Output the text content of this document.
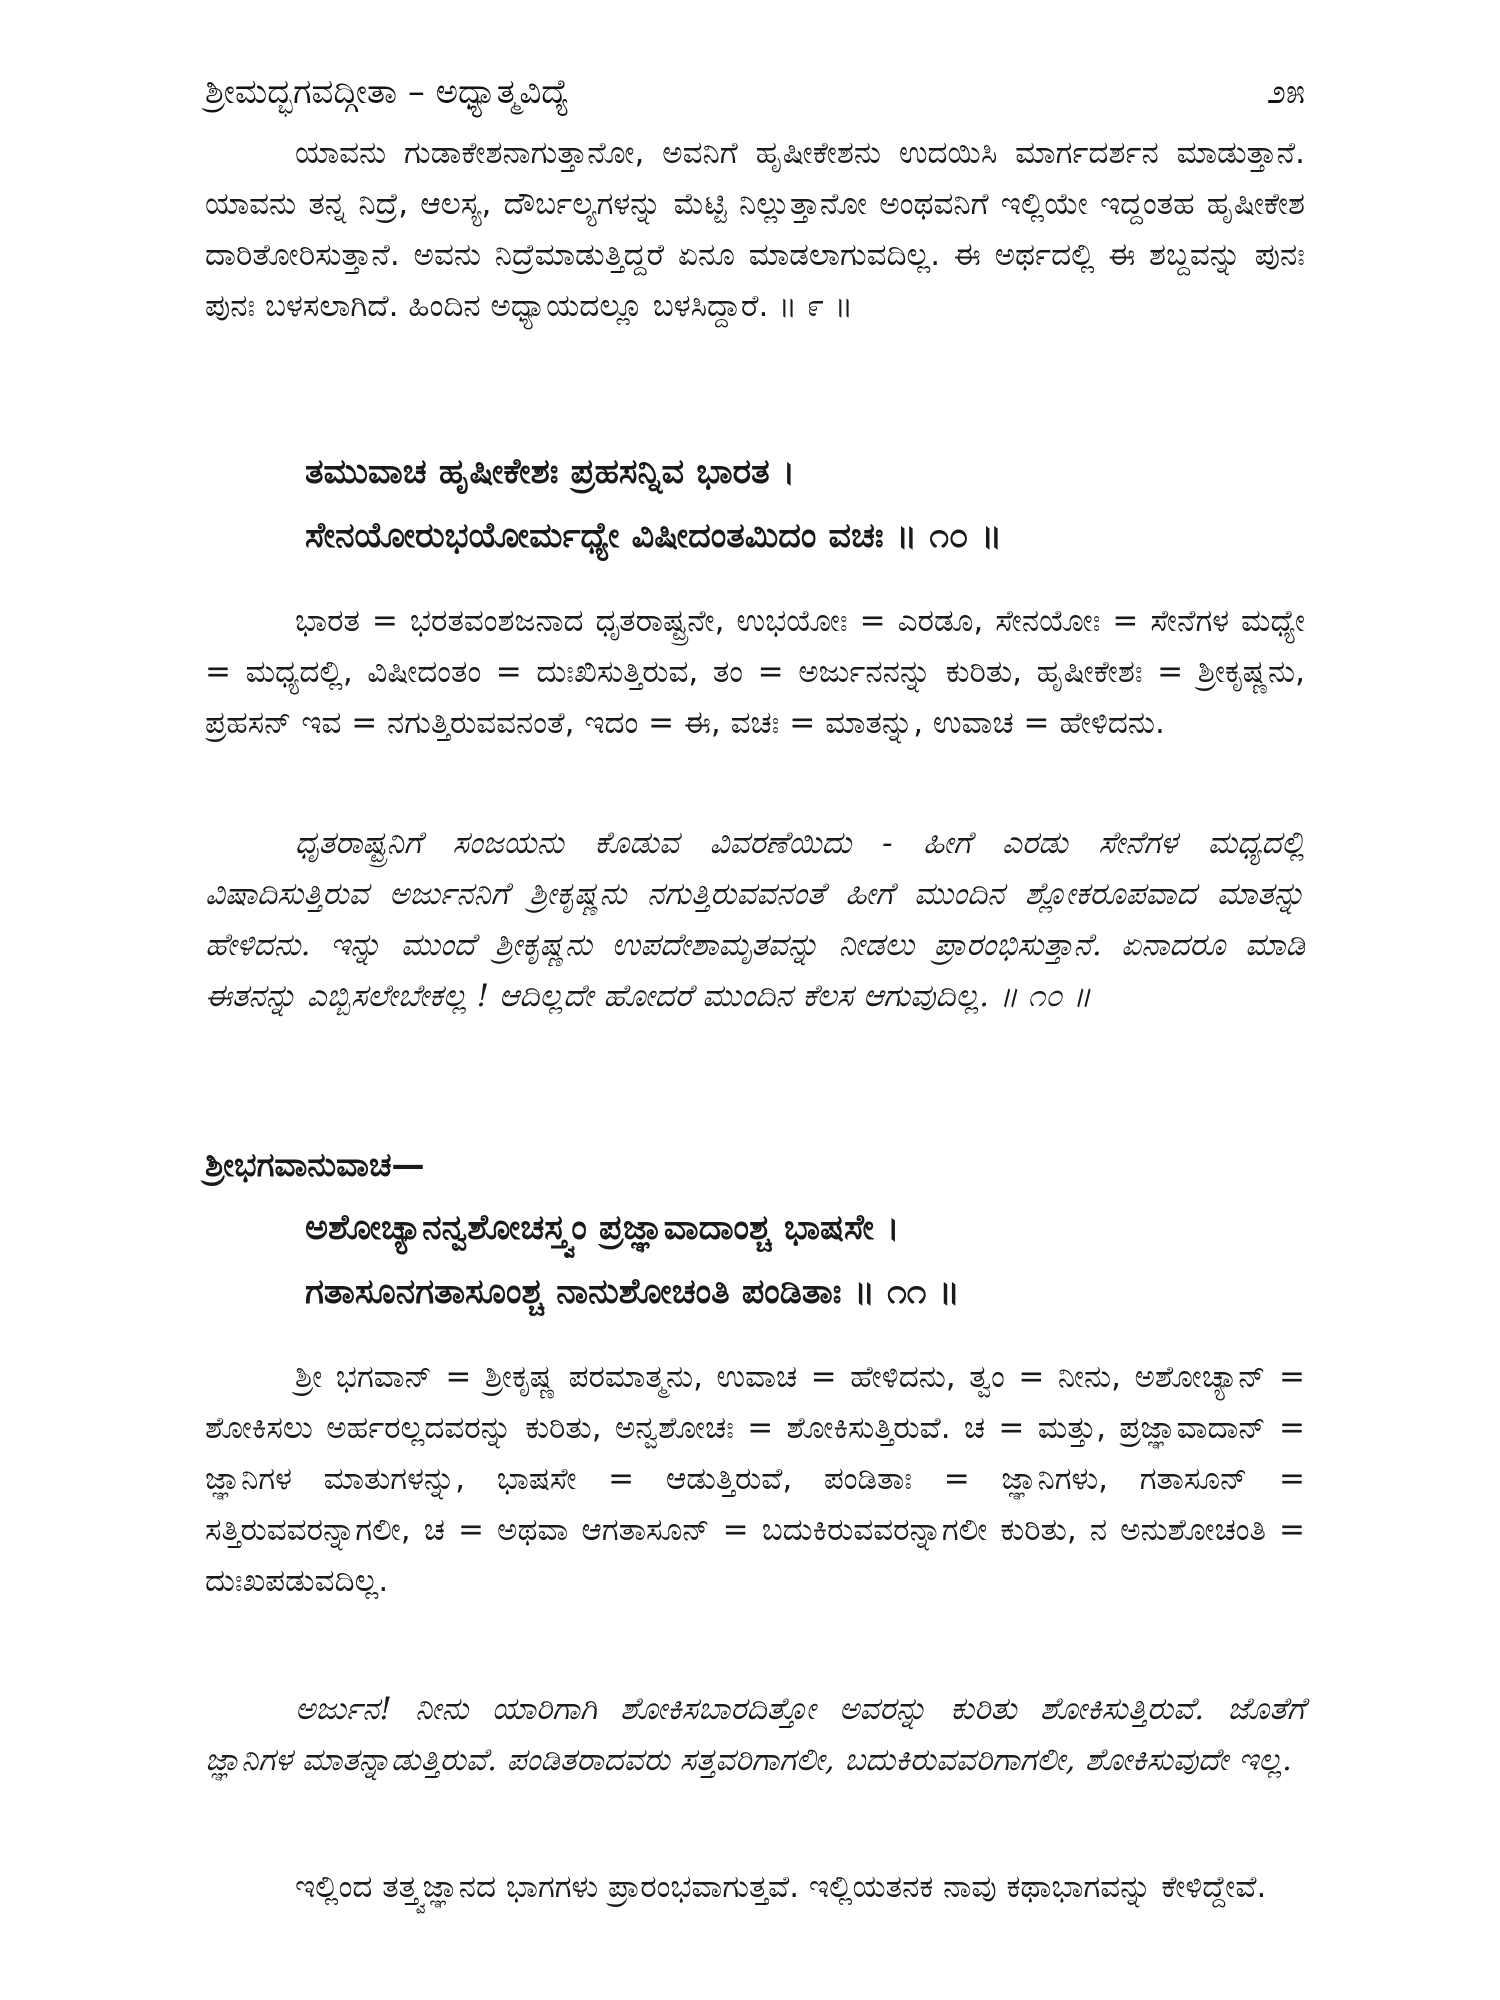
ಶ್ರೀಮದ್ಭಗವದ್ಗೀತಾ – ಅಧ್ಯಾತ್ಮವಿದ್ಯೆ	೨೫

ಯಾವನು ಗುಡಾಕೇಶನಾಗುತ್ತಾನೋ, ಅವನಿಗೆ ಹೃಷೀಕೇಶನು ಉದಯಿಸಿ ಮಾರ್ಗದರ್ಶನ ಮಾಡುತ್ತಾನೆ. ಯಾವನು ತನ್ನ ನಿದ್ರೆ, ಆಲಸ್ಯ, ದೌರ್ಬಲ್ಯಗಳನ್ನು ಮೆಟ್ಟಿ ನಿಲ್ಲುತ್ತಾನೋ ಅಂಥವನಿಗೆ ಇಲ್ಲಿಯೇ ಇದ್ದಂತಹ ಹೃಷೀಕೇಶ ದಾರಿತೋರಿಸುತ್ತಾನೆ. ಅವನು ನಿದ್ರೆಮಾಡುತ್ತಿದ್ದರೆ ಏನೂ ಮಾಡಲಾಗುವದಿಲ್ಲ. ಈ ಅರ್ಥದಲ್ಲಿ ಈ ಶಬ್ದವನ್ನು ಪುನಃ ಪುನಃ ಬಳಸಲಾಗಿದೆ. ಹಿಂದಿನ ಅಧ್ಯಾಯದಲ್ಲೂ ಬಳಸಿದ್ದಾರೆ. ॥ ೯ ॥

ತಮುವಾಚ ಹೃಷೀಕೇಶಃ ಪ್ರಹಸನ್ನಿವ ಭಾರತ ।
ಸೇನಯೋರುಭಯೋರ್ಮಧ್ಯೇ ವಿಷೀದಂತಮಿದಂ ವಚಃ ॥ ೧೦ ॥

ಭಾರತ = ಭರತವಂಶಜನಾದ ಧೃತರಾಷ್ಟ್ರನೇ, ಉಭಯೋಃ = ಎರಡೂ, ಸೇನಯೋಃ = ಸೇನೆಗಳ ಮಧ್ಯೇ = ಮಧ್ಯದಲ್ಲಿ, ವಿಷೀದಂತಂ = ದುಃಖಿಸುತ್ತಿರುವ, ತಂ = ಅರ್ಜುನನನ್ನು ಕುರಿತು, ಹೃಷೀಕೇಶಃ = ಶ್ರೀಕೃಷ್ಣನು, ಪ್ರಹಸನ್ ಇವ = ನಗುತ್ತಿರುವವನಂತೆ, ಇದಂ = ಈ, ವಚಃ = ಮಾತನ್ನು, ಉವಾಚ = ಹೇಳಿದನು.

ಧೃತರಾಷ್ಟ್ರನಿಗೆ ಸಂಜಯನು ಕೊಡುವ ವಿವರಣೆಯಿದು - ಹೀಗೆ ಎರಡು ಸೇನೆಗಳ ಮಧ್ಯದಲ್ಲಿ ವಿಷಾದಿಸುತ್ತಿರುವ ಅರ್ಜುನನಿಗೆ ಶ್ರೀಕೃಷ್ಣನು ನಗುತ್ತಿರುವವನಂತೆ ಹೀಗೆ ಮುಂದಿನ ಶ್ಲೋಕರೂಪವಾದ ಮಾತನ್ನು ಹೇಳಿದನು. ಇನ್ನು ಮುಂದೆ ಶ್ರೀಕೃಷ್ಣನು ಉಪದೇಶಾಮೃತವನ್ನು ನೀಡಲು ಪ್ರಾರಂಭಿಸುತ್ತಾನೆ. ಏನಾದರೂ ಮಾಡಿ ಈತನನ್ನು ಎಬ್ಬಿಸಲೇಬೇಕಲ್ಲ ! ಆದಿಲ್ಲದೇ ಹೋದರೆ ಮುಂದಿನ ಕೆಲಸ ಆಗುವುದಿಲ್ಲ. ॥ ೧೦ ॥

ಶ್ರೀಭಗವಾನುವಾಚ—
ಅಶೋಚ್ಯಾನನ್ವಶೋಚಸ್ತ್ವಂ ಪ್ರಜ್ಞಾವಾದಾಂಶ್ಚ ಭಾಷಸೇ ।
ಗತಾಸೂನಗತಾಸೂಂಶ್ಚ ನಾನುಶೋಚಂತಿ ಪಂಡಿತಾಃ ॥ ೧೧ ॥

ಶ್ರೀ ಭಗವಾನ್ = ಶ್ರೀಕೃಷ್ಣ ಪರಮಾತ್ಮನು, ಉವಾಚ = ಹೇಳಿದನು, ತ್ವಂ = ನೀನು, ಅಶೋಚ್ಯಾನ್ = ಶೋಕಿಸಲು ಅರ್ಹರಲ್ಲದವರನ್ನು ಕುರಿತು, ಅನ್ವಶೋಚಃ = ಶೋಕಿಸುತ್ತಿರುವೆ. ಚ = ಮತ್ತು, ಪ್ರಜ್ಞಾವಾದಾನ್ = ಜ್ಞಾನಿಗಳ ಮಾತುಗಳನ್ನು, ಭಾಷಸೇ = ಆಡುತ್ತಿರುವೆ, ಪಂಡಿತಾಃ = ಜ್ಞಾನಿಗಳು, ಗತಾಸೂನ್ = ಸತ್ತಿರುವವರನ್ನಾಗಲೀ, ಚ = ಅಥವಾ ಆಗತಾಸೂನ್ = ಬದುಕಿರುವವರನ್ನಾಗಲೀ ಕುರಿತು, ನ ಅನುಶೋಚಂತಿ = ದುಃಖಪಡುವದಿಲ್ಲ.

ಅರ್ಜುನ! ನೀನು ಯಾರಿಗಾಗಿ ಶೋಕಿಸಬಾರದಿತ್ತೋ ಅವರನ್ನು ಕುರಿತು ಶೋಕಿಸುತ್ತಿರುವೆ. ಜೊತೆಗೆ ಜ್ಞಾನಿಗಳ ಮಾತನ್ನಾಡುತ್ತಿರುವೆ. ಪಂಡಿತರಾದವರು ಸತ್ತವರಿಗಾಗಲೀ, ಬದುಕಿರುವವರಿಗಾಗಲೀ, ಶೋಕಿಸುವುದೇ ಇಲ್ಲ.

ಇಲ್ಲಿಂದ ತತ್ತ್ವಜ್ಞಾನದ ಭಾಗಗಳು ಪ್ರಾರಂಭವಾಗುತ್ತವೆ. ಇಲ್ಲಿಯತನಕ ನಾವು ಕಥಾಭಾಗವನ್ನು ಕೇಳಿದ್ದೇವೆ.
